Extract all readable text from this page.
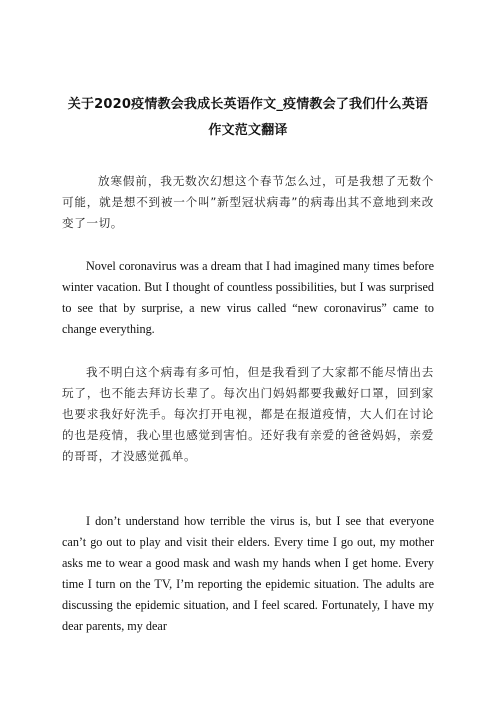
关于2020疫情教会我成长英语作文_疫情教会了我们什么英语作文范文翻译

放寒假前，我无数次幻想这个春节怎么过，可是我想了无数个可能，就是想不到被一个叫”新型冠状病毒”的病毒出其不意地到来改变了一切。

Novel coronavirus was a dream that I had imagined many times before winter vacation. But I thought of countless possibilities, but I was surprised to see that by surprise, a new virus called “new coronavirus” came to change everything.

我不明白这个病毒有多可怕，但是我看到了大家都不能尽情出去玩了，也不能去拜访长辈了。每次出门妈妈都要我戴好口罩，回到家也要求我好好洗手。每次打开电视，都是在报道疫情，大人们在讨论的也是疫情，我心里也感觉到害怕。还好我有亲爱的爸爸妈妈，亲爱的哥哥，才没感觉孤单。

I don’t understand how terrible the virus is, but I see that everyone can’t go out to play and visit their elders. Every time I go out, my mother asks me to wear a good mask and wash my hands when I get home. Every time I turn on the TV, I’m reporting the epidemic situation. The adults are discussing the epidemic situation, and I feel scared. Fortunately, I have my dear parents, my dear
